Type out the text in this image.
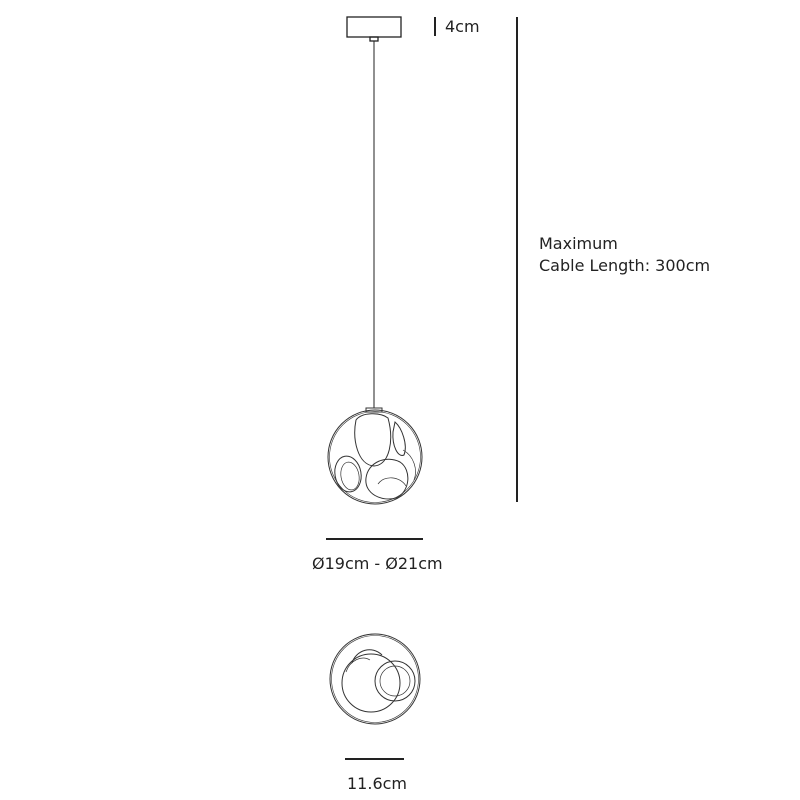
4cm
Maximum
Cable Length: 300cm
Ø19cm - Ø21cm
11.6cm
